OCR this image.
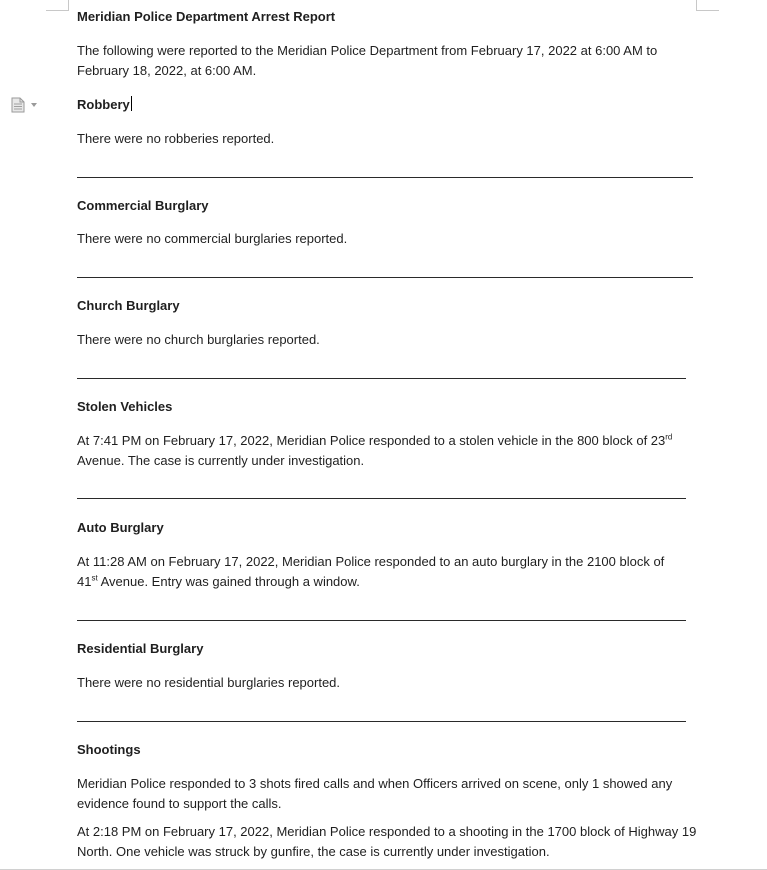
Meridian Police Department Arrest Report
The following were reported to the Meridian Police Department from February 17, 2022 at 6:00 AM to February 18, 2022, at 6:00 AM.
Robbery
There were no robberies reported.
Commercial Burglary
There were no commercial burglaries reported.
Church Burglary
There were no church burglaries reported.
Stolen Vehicles
At 7:41 PM on February 17, 2022, Meridian Police responded to a stolen vehicle in the 800 block of 23rd
Avenue. The case is currently under investigation.
Auto Burglary
At 11:28 AM on February 17, 2022, Meridian Police responded to an auto burglary in the 2100 block of
41st Avenue. Entry was gained through a window.
Residential Burglary
There were no residential burglaries reported.
Shootings
Meridian Police responded to 3 shots fired calls and when Officers arrived on scene, only 1 showed any evidence found to support the calls.
At 2:18 PM on February 17, 2022, Meridian Police responded to a shooting in the 1700 block of Highway 19 North. One vehicle was struck by gunfire, the case is currently under investigation.
